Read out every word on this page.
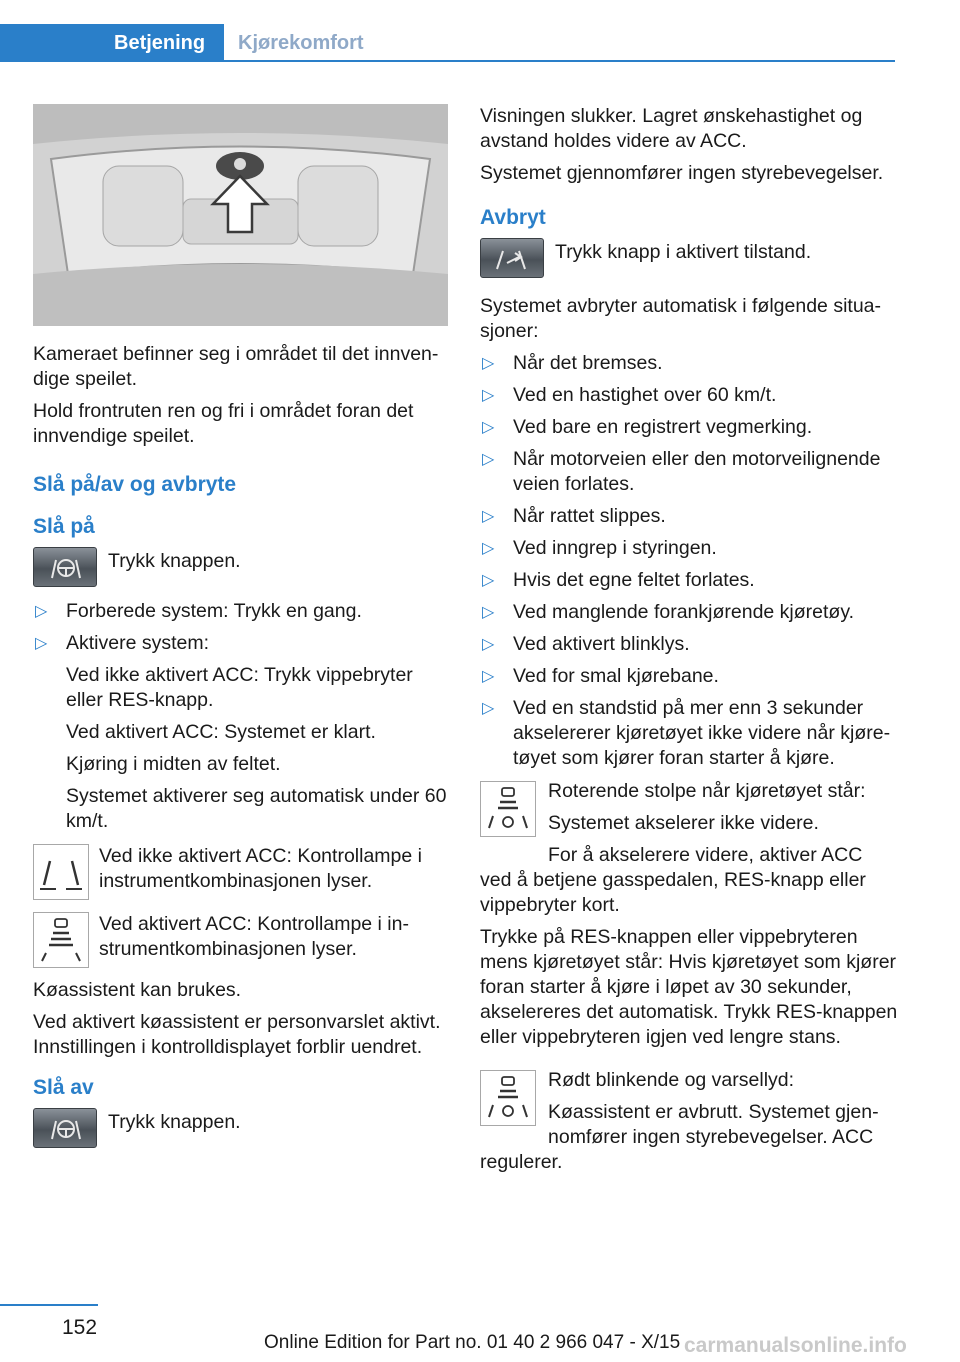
Betjening	Kjørekomfort

Kameraet befinner seg i området til det innvendige speilet.

Hold frontruten ren og fri i området foran det innvendige speilet.

Slå på/av og avbryte
Slå på
Trykk knappen.
▷ Forberede system: Trykk en gang.
▷ Aktivere system:
Ved ikke aktivert ACC: Trykk vippebryter eller RES-knapp.
Ved aktivert ACC: Systemet er klart.
Kjøring i midten av feltet.
Systemet aktiverer seg automatisk under 60 km/t.
Ved ikke aktivert ACC: Kontrollampe i instrumentkombinasjonen lyser.
Ved aktivert ACC: Kontrollampe i instrumentkombinasjonen lyser.

Køassistent kan brukes.

Ved aktivert køassistent er personvarslet aktivt. Innstillingen i kontrolldisplayet forblir uendret.

Slå av
Trykk knappen.

Visningen slukker. Lagret ønskehastighet og avstand holdes videre av ACC.

Systemet gjennomfører ingen styrebevegelser.

Avbryt
Trykk knapp i aktivert tilstand.

Systemet avbryter automatisk i følgende situasjoner:

▷ Når det bremses.
▷ Ved en hastighet over 60 km/t.
▷ Ved bare en registrert vegmerking.
▷ Når motorveien eller den motorveilignende veien forlates.
▷ Når rattet slippes.
▷ Ved inngrep i styringen.
▷ Hvis det egne feltet forlates.
▷ Ved manglende forankjørende kjøretøy.
▷ Ved aktivert blinklys.
▷ Ved for smal kjørebane.
▷ Ved en standstid på mer enn 3 sekunder akselererer kjøretøyet ikke videre når kjøretøyet som kjører foran starter å kjøre.
Roterende stolpe når kjøretøyet står:
Systemet akselerer ikke videre.
For å akselerere videre, aktiver ACC

ved å betjene gasspedalen, RES-knapp eller vippebryter kort.

Trykke på RES-knappen eller vippebryteren mens kjøretøyet står: Hvis kjøretøyet som kjører foran starter å kjøre i løpet av 30 sekunder, akselereres det automatisk. Trykk RES-knappen eller vippebryteren igjen ved lengre stans.

Rødt blinkende og varsellyd:
Køassistent er avbrutt. Systemet gjennomfører ingen styrebevegelser. ACC

regulerer.

152
Online Edition for Part no. 01 40 2 966 047 - X/15 carmanualsonline.info
